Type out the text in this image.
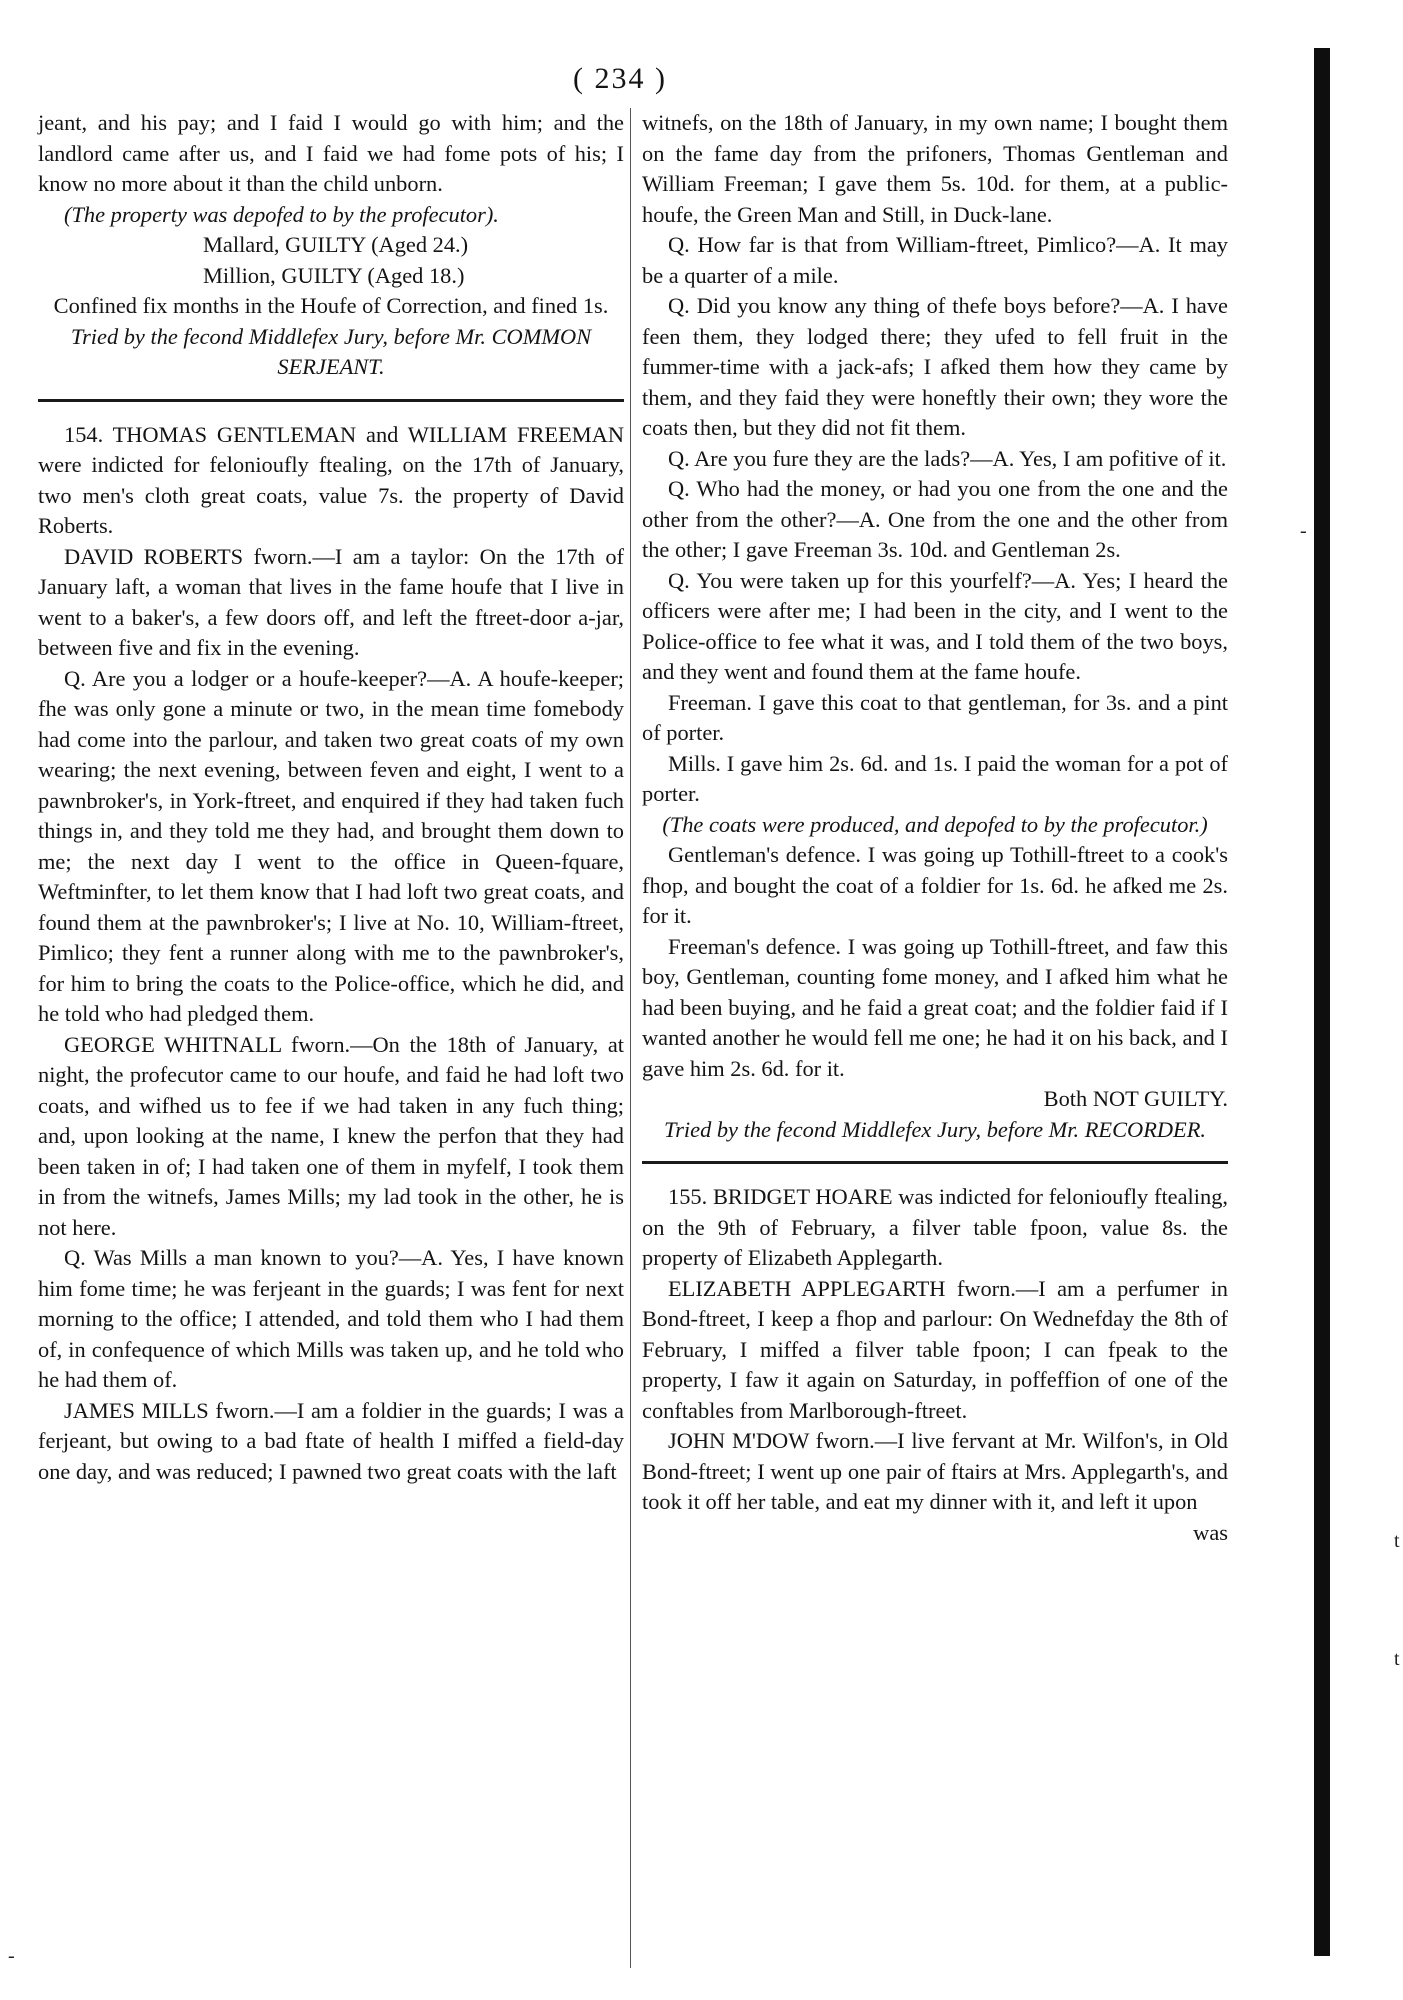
( 234 )

jeant, and his pay; and I faid I would go with him; and the landlord came after us, and I faid we had fome pots of his; I know no more about it than the child unborn.

(The property was depofed to by the profecutor).

Mallard, GUILTY (Aged 24.)

Million, GUILTY (Aged 18.)

Confined fix months in the Houfe of Correction, and fined 1s.

Tried by the fecond Middlefex Jury, before Mr. COMMON SERJEANT.

154. THOMAS GENTLEMAN and WILLIAM FREEMAN were indicted for felonioufly ftealing, on the 17th of January, two men's cloth great coats, value 7s. the property of David Roberts.

DAVID ROBERTS fworn.—I am a taylor: On the 17th of January laft, a woman that lives in the fame houfe that I live in went to a baker's, a few doors off, and left the ftreet-door a-jar, between five and fix in the evening.

Q. Are you a lodger or a houfe-keeper?—A. A houfe-keeper; fhe was only gone a minute or two, in the mean time fomebody had come into the parlour, and taken two great coats of my own wearing; the next evening, between feven and eight, I went to a pawnbroker's, in York-ftreet, and enquired if they had taken fuch things in, and they told me they had, and brought them down to me; the next day I went to the office in Queen-fquare, Weftminfter, to let them know that I had loft two great coats, and found them at the pawnbroker's; I live at No. 10, William-ftreet, Pimlico; they fent a runner along with me to the pawnbroker's, for him to bring the coats to the Police-office, which he did, and he told who had pledged them.

GEORGE WHITNALL fworn.—On the 18th of January, at night, the profecutor came to our houfe, and faid he had loft two coats, and wifhed us to fee if we had taken in any fuch thing; and, upon looking at the name, I knew the perfon that they had been taken in of; I had taken one of them in myfelf, I took them in from the witnefs, James Mills; my lad took in the other, he is not here.

Q. Was Mills a man known to you?—A. Yes, I have known him fome time; he was ferjeant in the guards; I was fent for next morning to the office; I attended, and told them who I had them of, in confequence of which Mills was taken up, and he told who he had them of.

JAMES MILLS fworn.—I am a foldier in the guards; I was a ferjeant, but owing to a bad ftate of health I miffed a field-day one day, and was reduced; I pawned two great coats with the laft

witnefs, on the 18th of January, in my own name; I bought them on the fame day from the prifoners, Thomas Gentleman and William Freeman; I gave them 5s. 10d. for them, at a public-houfe, the Green Man and Still, in Duck-lane.

Q. How far is that from William-ftreet, Pimlico?—A. It may be a quarter of a mile.

Q. Did you know any thing of thefe boys before?—A. I have feen them, they lodged there; they ufed to fell fruit in the fummer-time with a jack-afs; I afked them how they came by them, and they faid they were honeftly their own; they wore the coats then, but they did not fit them.

Q. Are you fure they are the lads?—A. Yes, I am pofitive of it.

Q. Who had the money, or had you one from the one and the other from the other?—A. One from the one and the other from the other; I gave Freeman 3s. 10d. and Gentleman 2s.

Q. You were taken up for this yourfelf?—A. Yes; I heard the officers were after me; I had been in the city, and I went to the Police-office to fee what it was, and I told them of the two boys, and they went and found them at the fame houfe.

Freeman. I gave this coat to that gentleman, for 3s. and a pint of porter.

Mills. I gave him 2s. 6d. and 1s. I paid the woman for a pot of porter.

(The coats were produced, and depofed to by the profecutor.)

Gentleman's defence. I was going up Tothill-ftreet to a cook's fhop, and bought the coat of a foldier for 1s. 6d. he afked me 2s. for it.

Freeman's defence. I was going up Tothill-ftreet, and faw this boy, Gentleman, counting fome money, and I afked him what he had been buying, and he faid a great coat; and the foldier faid if I wanted another he would fell me one; he had it on his back, and I gave him 2s. 6d. for it.

Both NOT GUILTY.

Tried by the fecond Middlefex Jury, before Mr. RECORDER.

155. BRIDGET HOARE was indicted for felonioufly ftealing, on the 9th of February, a filver table fpoon, value 8s. the property of Elizabeth Applegarth.

ELIZABETH APPLEGARTH fworn.—I am a perfumer in Bond-ftreet, I keep a fhop and parlour: On Wednefday the 8th of February, I miffed a filver table fpoon; I can fpeak to the property, I faw it again on Saturday, in poffeffion of one of the conftables from Marlborough-ftreet.

JOHN M'DOW fworn.—I live fervant at Mr. Wilfon's, in Old Bond-ftreet; I went up one pair of ftairs at Mrs. Applegarth's, and took it off her table, and eat my dinner with it, and left it upon

was

-
t
t
-
